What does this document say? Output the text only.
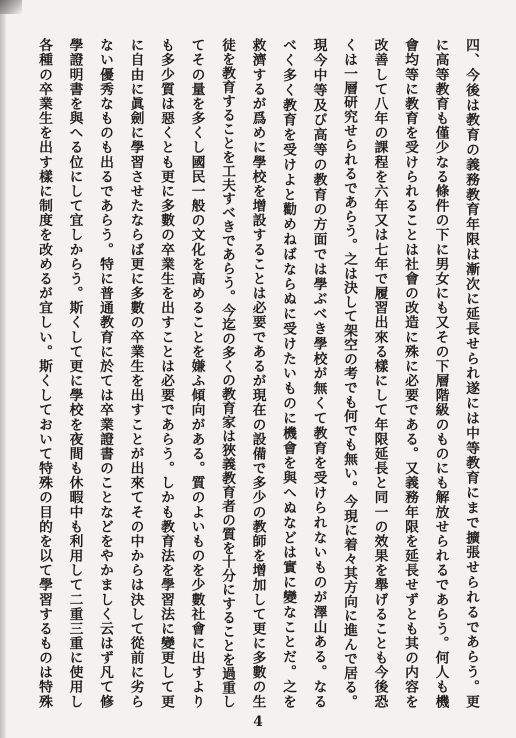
四、今後は教育の義務教育年限は漸次に延長せられ遂には中等教育にまで擴張せられるであらう。更
に高等教育も僅少なる條件の下に男女にも又その下層階級のものにも解放せられるであらう。何人も機
會均等に教育を受けられることは社會の改造に殊に必要である。又義務年限を延長せずとも其の内容を
改善して八年の課程を六年又は七年で履習出來る樣にして年限延長と同一の效果を舉げることも今後恐
くは一層研究せられるであらう。之は決して架空の考でも何でも無い。今現に着々其方向に進んで居る。
現今中等及び高等の教育の方面では學ぶべき學校が無くて教育を受けられないものが澤山ある。なる
べく多く教育を受けよと勸めねばならぬに受けたいものに機會を與へぬなどは實に變なことだ。之を
救濟するが爲めに學校を增設することは必要であるが現在の設備で多少の教師を增加して更に多數の生
徒を教育することを工夫すべきであらう。今迄の多くの教育家は狹義教育者の質を十分にすることを過重し
てその量を多くし國民一般の文化を高めることを嫌ふ傾向がある。質のよいものを少數社會に出すより
も多少質は惡くとも更に多數の卒業生を出すことは必要であらう。しかも教育法を學習法に變更して更
に自由に眞劍に學習させたならば更に多數の卒業生を出すことが出來てその中からは決して從前に劣ら
ない優秀なものも出るであらう。特に普通教育に於ては卒業證書のことなどをやかましく云はず凡て修
學證明書を與へる位にして宜しからう。斯くして更に學校を夜間も休暇中も利用して二重三重に使用し
各種の卒業生を出す樣に制度を改めるが宜しい。斯くしておいて特殊の目的を以て學習するものは特殊
4
